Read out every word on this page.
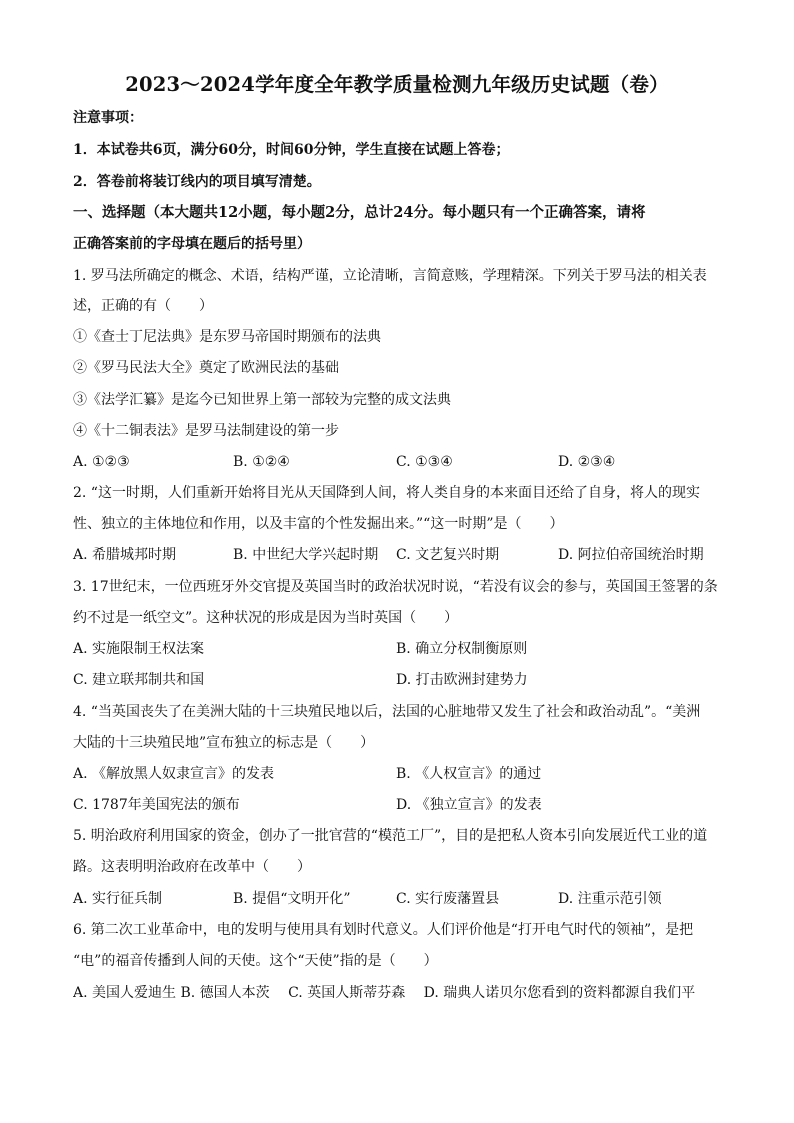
2023～2024学年度全年教学质量检测九年级历史试题（卷）
注意事项：
1．本试卷共6页，满分60分，时间60分钟，学生直接在试题上答卷；
2．答卷前将装订线内的项目填写清楚。
一、选择题（本大题共12小题，每小题2分，总计24分。每小题只有一个正确答案，请将
正确答案前的字母填在题后的括号里）
1. 罗马法所确定的概念、术语，结构严谨，立论清晰，言简意赅，学理精深。下列关于罗马法的相关表
述，正确的有（　　）
①《查士丁尼法典》是东罗马帝国时期颁布的法典
②《罗马民法大全》奠定了欧洲民法的基础
③《法学汇纂》是迄今已知世界上第一部较为完整的成文法典
④《十二铜表法》是罗马法制建设的第一步
A. ①②③	B. ①②④	C. ①③④	D. ②③④
2. “这一时期，人们重新开始将目光从天国降到人间，将人类自身的本来面目还给了自身，将人的现实
性、独立的主体地位和作用，以及丰富的个性发掘出来。”“这一时期”是（　　）
A. 希腊城邦时期	B. 中世纪大学兴起时期 C. 文艺复兴时期	D. 阿拉伯帝国统治时期
3. 17世纪末，一位西班牙外交官提及英国当时的政治状况时说，“若没有议会的参与，英国国王签署的条
约不过是一纸空文”。这种状况的形成是因为当时英国（　　）
A. 实施限制王权法案	B. 确立分权制衡原则
C. 建立联邦制共和国	D. 打击欧洲封建势力
4. “当英国丧失了在美洲大陆的十三块殖民地以后，法国的心脏地带又发生了社会和政治动乱”。“美洲
大陆的十三块殖民地”宣布独立的标志是（　　）
A. 《解放黑人奴隶宣言》的发表	B. 《人权宣言》的通过
C. 1787年美国宪法的颁布	D. 《独立宣言》的发表
5. 明治政府利用国家的资金，创办了一批官营的“模范工厂”，目的是把私人资本引向发展近代工业的道
路。这表明明治政府在改革中（　　）
A. 实行征兵制	B. 提倡“文明开化”	C. 实行废藩置县	D. 注重示范引领
6. 第二次工业革命中，电的发明与使用具有划时代意义。人们评价他是“打开电气时代的领袖”，是把
“电”的福音传播到人间的天使。这个“天使”指的是（　　）
A. 美国人爱迪生 B. 德国人本茨　 C. 英国人斯蒂芬森　 D. 瑞典人诺贝尔您看到的资料都源自我们平
